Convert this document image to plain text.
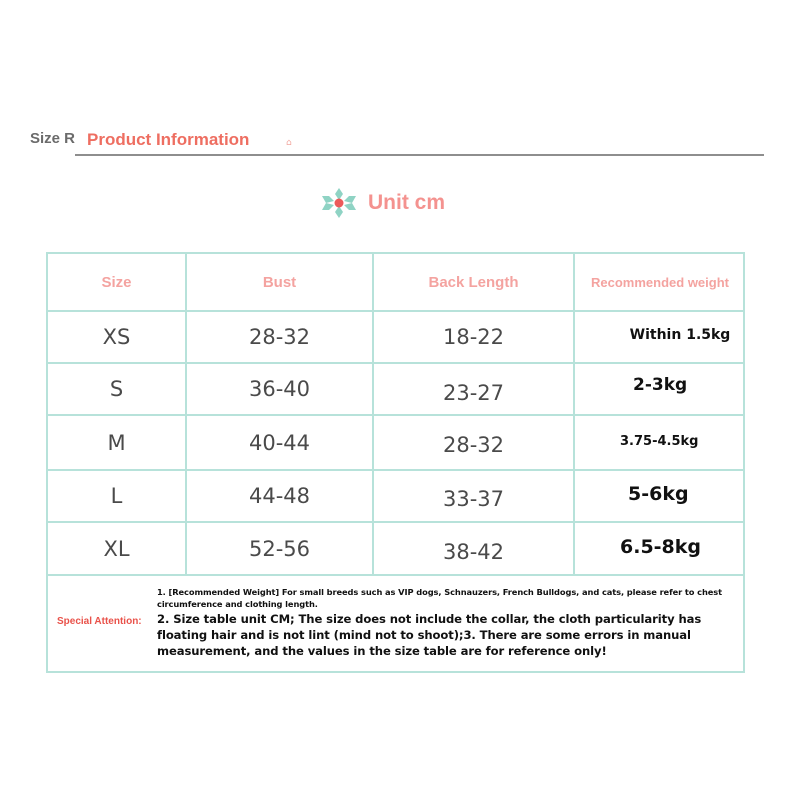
Size R Product Information	⌂
Unit cm
Size	Bust	Back Length	Recommended weight
XS	28-32	18-22	Within 1.5kg
S	36-40	23-27	2-3kg
M	40-44	28-32	3.75-4.5kg
L	44-48	33-37	5-6kg
XL	52-56	38-42	6.5-8kg
Special Attention:
1. [Recommended Weight] For small breeds such as VIP dogs, Schnauzers, French Bulldogs, and cats, please refer to chest circumference and clothing length.
2. Size table unit CM; The size does not include the collar, the cloth particularity has floating hair and is not lint (mind not to shoot);3. There are some errors in manual measurement, and the values in the size table are for reference only!
